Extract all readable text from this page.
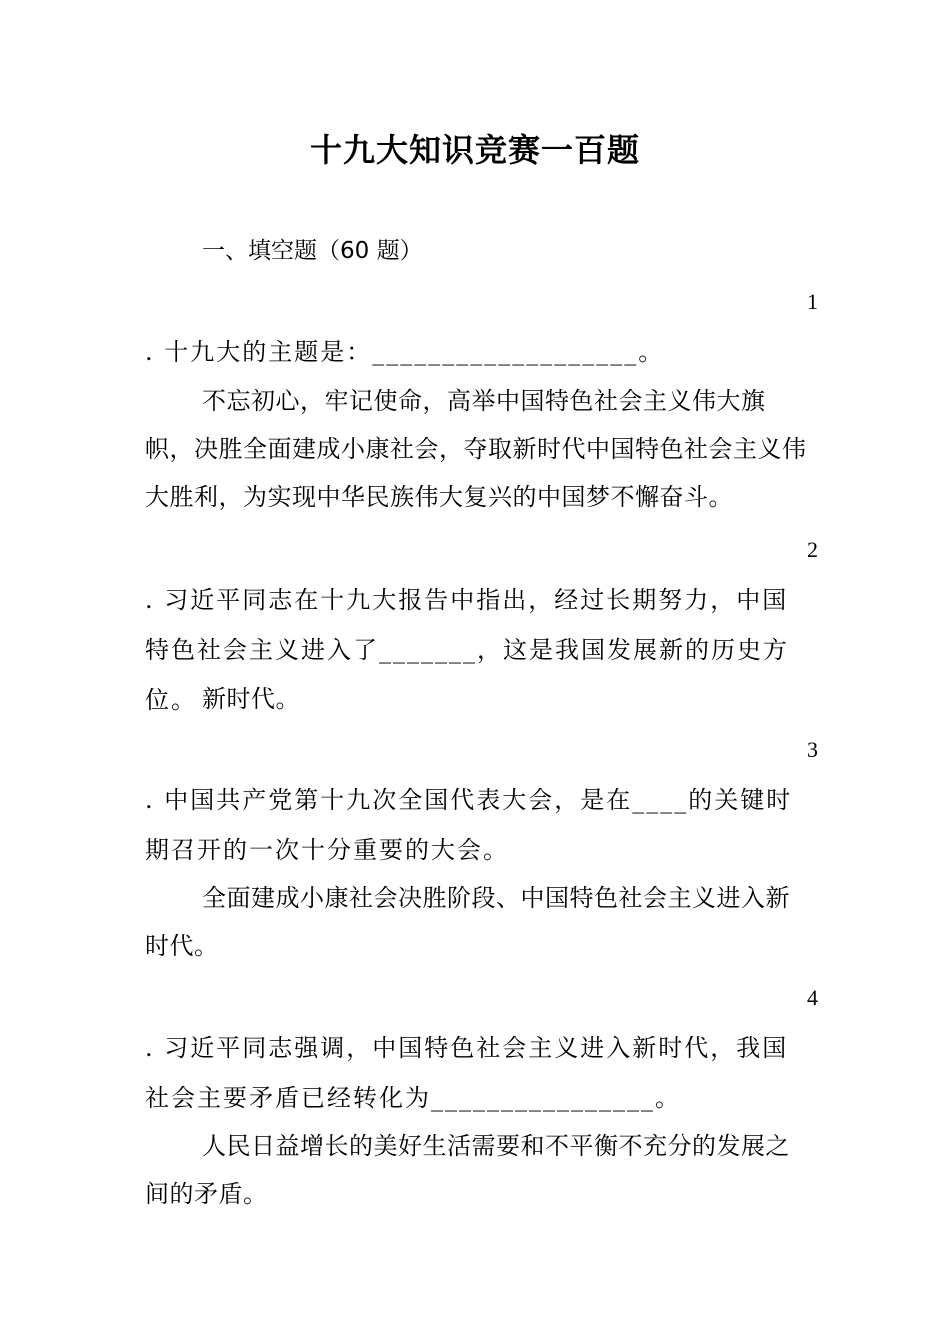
十九大知识竞赛一百题
一、填空题（60 题）
1
. 十九大的主题是：___________________。
不忘初心，牢记使命，高举中国特色社会主义伟大旗帜，决胜全面建成小康社会，夺取新时代中国特色社会主义伟大胜利，为实现中华民族伟大复兴的中国梦不懈奋斗。
2
. 习近平同志在十九大报告中指出，经过长期努力，中国特色社会主义进入了_______，这是我国发展新的历史方位。 新时代。
3
. 中国共产党第十九次全国代表大会，是在____的关键时期召开的一次十分重要的大会。
全面建成小康社会决胜阶段、中国特色社会主义进入新时代。
4
. 习近平同志强调，中国特色社会主义进入新时代，我国社会主要矛盾已经转化为________________。
人民日益增长的美好生活需要和不平衡不充分的发展之间的矛盾。
